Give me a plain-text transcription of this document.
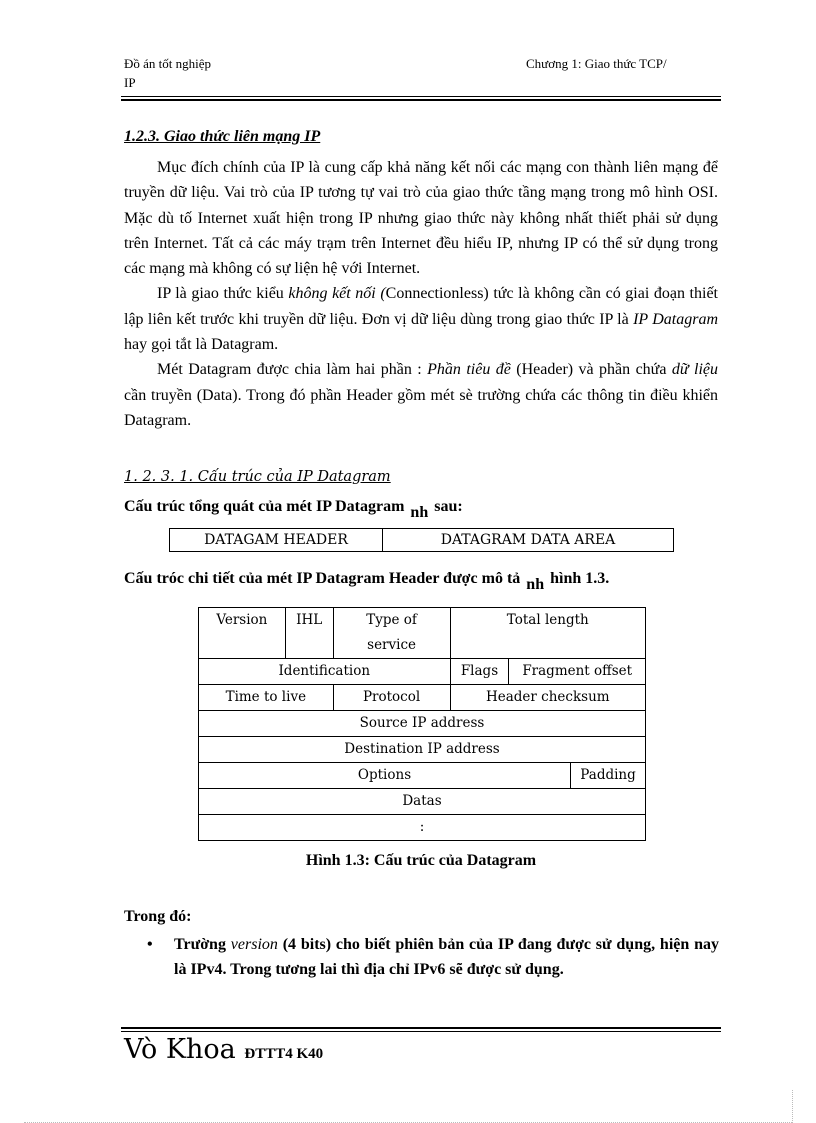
Đồ án tốt nghiệp
IP
Chương 1: Giao thức TCP/
1.2.3. Giao thức liên mạng IP

Mục đích chính của IP là cung cấp khả năng kết nối các mạng con thành liên mạng để truyền dữ liệu. Vai trò của IP tương tự vai trò của giao thức tầng mạng trong mô hình OSI. Mặc dù tố Internet xuất hiện trong IP nhưng giao thức này không nhất thiết phải sử dụng trên Internet. Tất cả các máy trạm trên Internet đều hiểu IP, nhưng IP có thể sử dụng trong các mạng mà không có sự liện hệ với Internet.

IP là giao thức kiểu không kết nối (Connectionless) tức là không cần có giai đoạn thiết lập liên kết trước khi truyền dữ liệu. Đơn vị dữ liệu dùng trong giao thức IP là IP Datagram hay gọi tắt là Datagram.

Mét Datagram được chia làm hai phần : Phần tiêu đề (Header) và phần chứa dữ liệu cần truyền (Data). Trong đó phần Header gồm mét sè trường chứa các thông tin điều khiển Datagram.

1. 2. 3. 1. Cấu trúc của IP Datagram
Cấu trúc tổng quát của mét IP Datagram nh sau:
DATAGAM HEADER	DATAGRAM DATA AREA
Cấu tróc chi tiết của mét IP Datagram Header được mô tả nh hình 1.3.
Version	IHL	Type of service	Total length		
Identification			Flags	Fragment offset	
Time to live		Protocol	Header checksum		
Source IP address					
Destination IP address					
Options					Padding
Datas					
:					
Hình 1.3: Cấu trúc của Datagram
Trong đó:
• Trường version (4 bits) cho biết phiên bản của IP đang được sử dụng, hiện nay là IPv4. Trong tương lai thì địa chỉ IPv6 sẽ được sử dụng.
Vò Khoa ĐTTT4 K40
